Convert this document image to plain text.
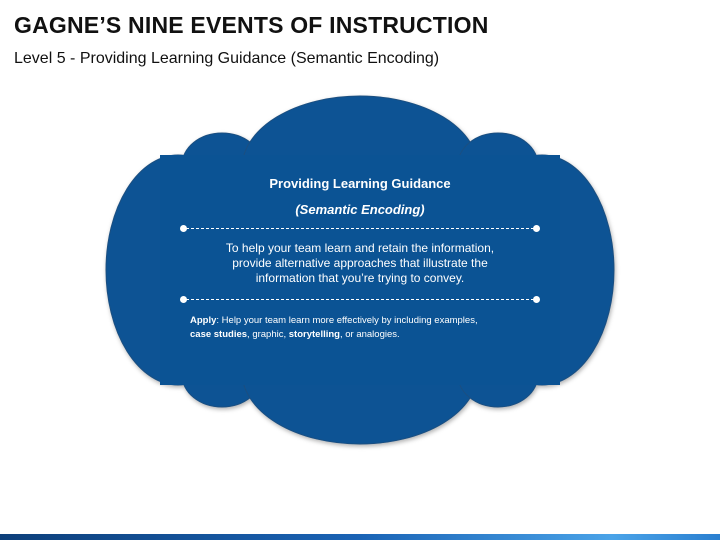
GAGNE’S NINE EVENTS OF INSTRUCTION
Level 5 - Providing Learning Guidance (Semantic Encoding)
Providing Learning Guidance
(Semantic Encoding)
To help your team learn and retain the information,
provide alternative approaches that illustrate the
information that you’re trying to convey.
Apply: Help your team learn more effectively by including examples,
case studies, graphic, storytelling, or analogies.
